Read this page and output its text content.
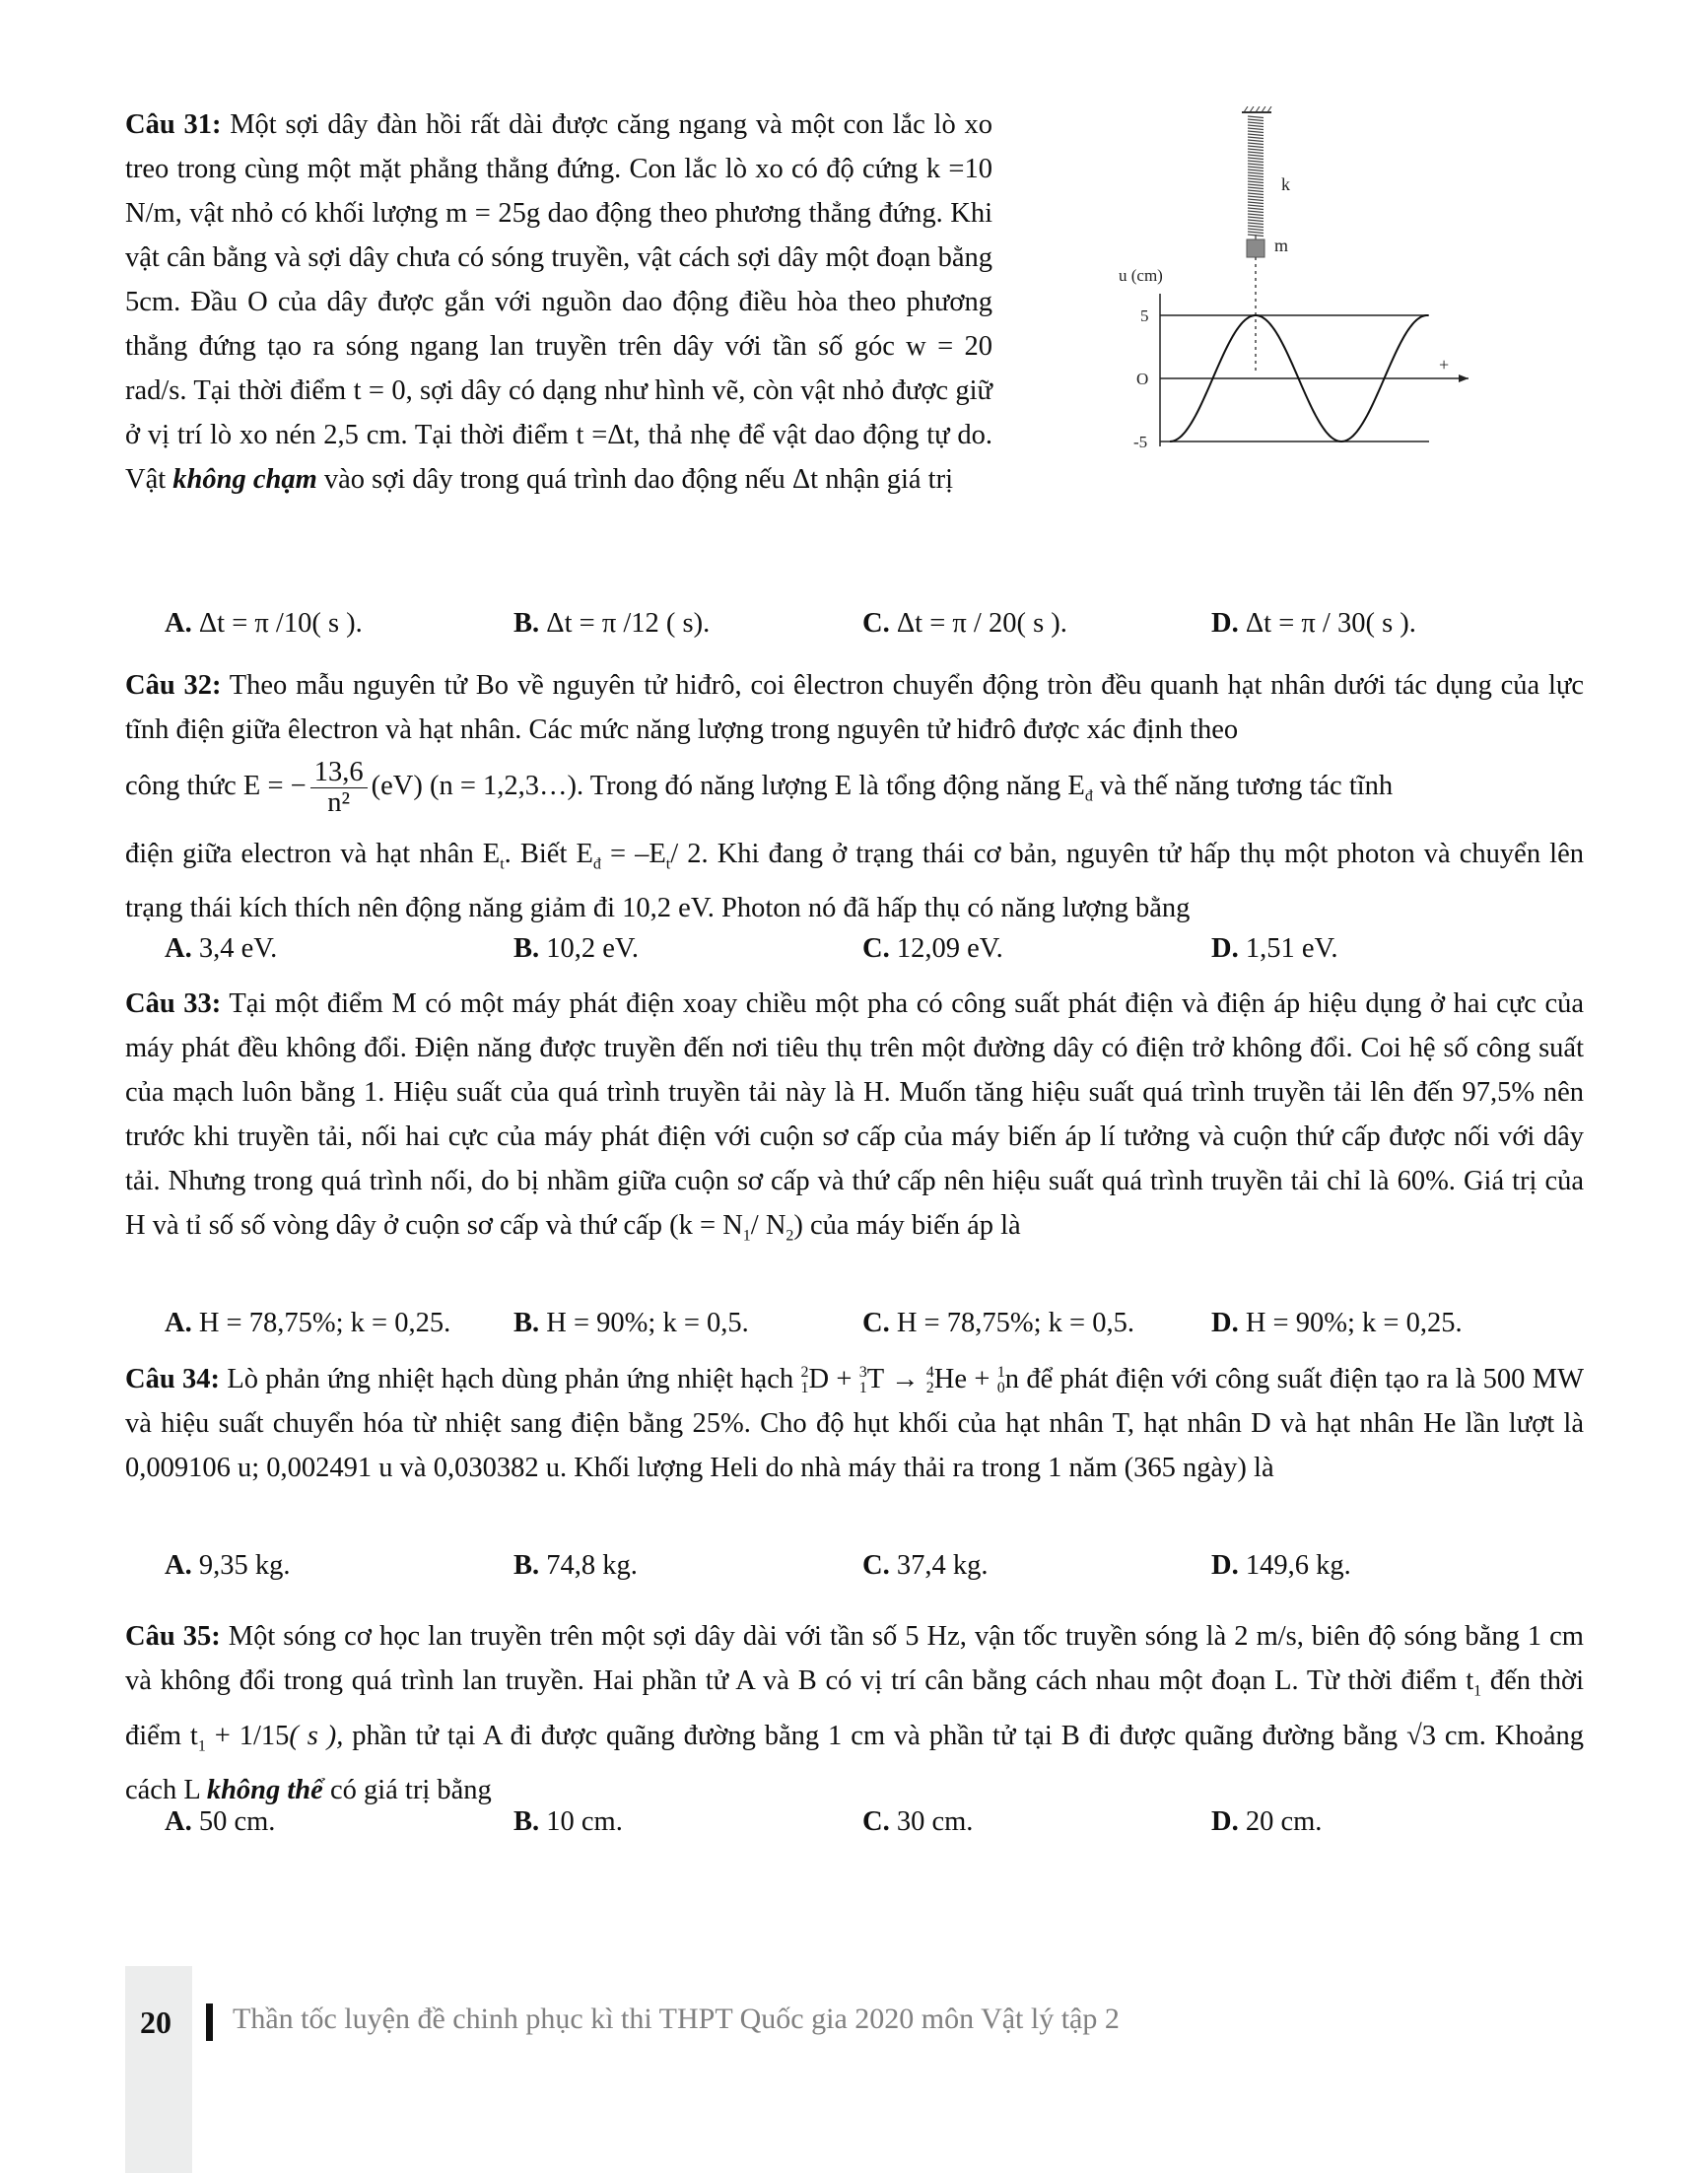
Câu 31: Một sợi dây đàn hồi rất dài được căng ngang và một con lắc lò xo treo trong cùng một mặt phẳng thẳng đứng. Con lắc lò xo có độ cứng k =10 N/m, vật nhỏ có khối lượng m = 25g dao động theo phương thẳng đứng. Khi vật cân bằng và sợi dây chưa có sóng truyền, vật cách sợi dây một đoạn bằng 5cm. Đầu O của dây được gắn với nguồn dao động điều hòa theo phương thẳng đứng tạo ra sóng ngang lan truyền trên dây với tần số góc w = 20 rad/s. Tại thời điểm t = 0, sợi dây có dạng như hình vẽ, còn vật nhỏ được giữ ở vị trí lò xo nén 2,5 cm. Tại thời điểm t =Δt, thả nhẹ để vật dao động tự do. Vật không chạm vào sợi dây trong quá trình dao động nếu Δt nhận giá trị

k
m
u (cm)
5
O
-5
+
A. Δt = π /10( s ).	B. Δt = π /12 ( s).	C. Δt = π / 20( s ).	D. Δt = π / 30( s ).

Câu 32: Theo mẫu nguyên tử Bo về nguyên tử hiđrô, coi êlectron chuyển động tròn đều quanh hạt nhân dưới tác dụng của lực tĩnh điện giữa êlectron và hạt nhân. Các mức năng lượng trong nguyên tử hiđrô được xác định theo

công thức E = − $\frac{13,6}{\text{n²}} (eV) (n$ = 1,2,3…). Trong đó năng lượng E là tổng động năng $E_đ$ và thế năng tương tác tĩnh

điện giữa electron và hạt nhân $E_t$. Biết $E_đ = -E_t/$ 2. Khi đang ở trạng thái cơ bản, nguyên tử hấp thụ một photon và chuyển lên trạng thái kích thích nên động năng giảm đi 10,2 eV. Photon nó đã hấp thụ có năng lượng bằng

A. 3,4 eV.	B. 10,2 eV.	C. 12,09 eV.	D. 1,51 eV.

Câu 33: Tại một điểm M có một máy phát điện xoay chiều một pha có công suất phát điện và điện áp hiệu dụng ở hai cực của máy phát đều không đổi. Điện năng được truyền đến nơi tiêu thụ trên một đường dây có điện trở không đổi. Coi hệ số công suất của mạch luôn bằng 1. Hiệu suất của quá trình truyền tải này là H. Muốn tăng hiệu suất quá trình truyền tải lên đến 97,5% nên trước khi truyền tải, nối hai cực của máy phát điện với cuộn sơ cấp của máy biến áp lí tưởng và cuộn thứ cấp được nối với dây tải. Nhưng trong quá trình nối, do bị nhầm giữa cuộn sơ cấp và thứ cấp nên hiệu suất quá trình truyền tải chỉ là 60%. Giá trị của H và tỉ số số vòng dây ở cuộn sơ cấp và thứ cấp ($k = N_1/$ $N_2$) của máy biến áp là

A. H = 78,75%; k = 0,25. B. H = 90%; k = 0,5.	C. H = 78,75%; k = 0,5.	D. H = 90%; k = 0,25.

Câu 34: Lò phản ứng nhiệt hạch dùng phản ứng nhiệt hạch 2
1 D + 3
1 T → 4
2 He + 1
0 n để phát điện với công suất điện tạo ra là 500 MW và hiệu suất chuyển hóa từ nhiệt sang điện bằng 25%. Cho độ hụt khối của hạt nhân T, hạt nhân D và hạt nhân He lần lượt là 0,009106 u; 0,002491 u và 0,030382 u. Khối lượng Heli do nhà máy thải ra trong 1 năm (365 ngày) là

A. 9,35 kg.	B. 74,8 kg.	C. 37,4 kg.	D. 149,6 kg.

Câu 35: Một sóng cơ học lan truyền trên một sợi dây dài với tần số 5 Hz, vận tốc truyền sóng là 2 m/s, biên độ sóng bằng 1 cm và không đổi trong quá trình lan truyền. Hai phần tử A và B có vị trí cân bằng cách nhau một đoạn L. Từ thời điểm $t_1$ đến thời điểm $t_1 + 1/15$( s ), phần tử tại A đi được quãng đường bằng 1 cm và phần tử tại B đi được quãng đường bằng √3 cm. Khoảng cách L không thể có giá trị bằng

A. 50 cm.	B. 10 cm.	C. 30 cm.	D. 20 cm.
20 Thần tốc luyện đề chinh phục kì thi THPT Quốc gia 2020 môn Vật lý tập 2
